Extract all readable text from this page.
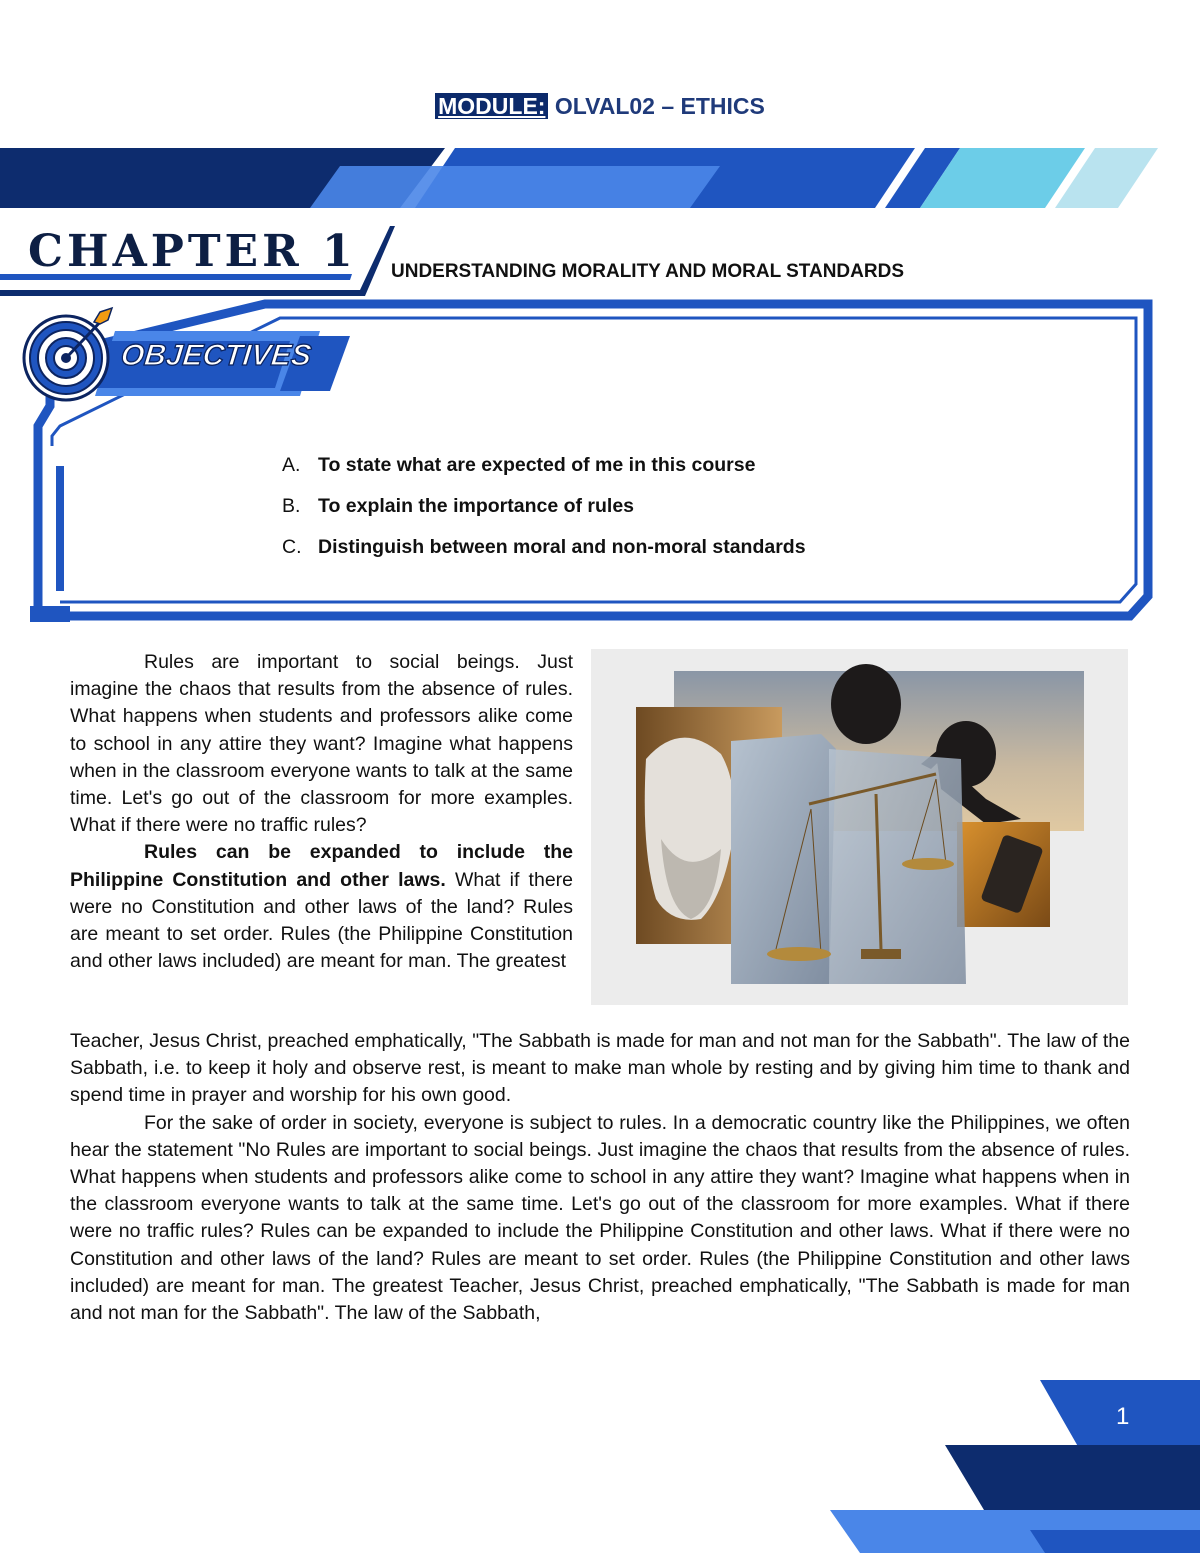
MODULE: OLVAL02 – ETHICS
CHAPTER 1 UNDERSTANDING MORALITY AND MORAL STANDARDS
OBJECTIVES
A. To state what are expected of me in this course
B. To explain the importance of rules
C. Distinguish between moral and non-moral standards

Rules are important to social beings. Just imagine the chaos that results from the absence of rules. What happens when students and professors alike come to school in any attire they want? Imagine what happens when in the classroom everyone wants to talk at the same time. Let's go out of the classroom for more examples. What if there were no traffic rules?

Rules can be expanded to include the Philippine Constitution and other laws. What if there were no Constitution and other laws of the land? Rules are meant to set order. Rules (the Philippine Constitution and other laws included) are meant for man. The greatest

Teacher, Jesus Christ, preached emphatically, "The Sabbath is made for man and not man for the Sabbath". The law of the Sabbath, i.e. to keep it holy and observe rest, is meant to make man whole by resting and by giving him time to thank and spend time in prayer and worship for his own good.

For the sake of order in society, everyone is subject to rules. In a democratic country like the Philippines, we often hear the statement "No Rules are important to social beings. Just imagine the chaos that results from the absence of rules. What happens when students and professors alike come to school in any attire they want? Imagine what happens when in the classroom everyone wants to talk at the same time. Let's go out of the classroom for more examples. What if there were no traffic rules? Rules can be expanded to include the Philippine Constitution and other laws. What if there were no Constitution and other laws of the land? Rules are meant to set order. Rules (the Philippine Constitution and other laws included) are meant for man. The greatest Teacher, Jesus Christ, preached emphatically, "The Sabbath is made for man and not man for the Sabbath". The law of the Sabbath,

1
